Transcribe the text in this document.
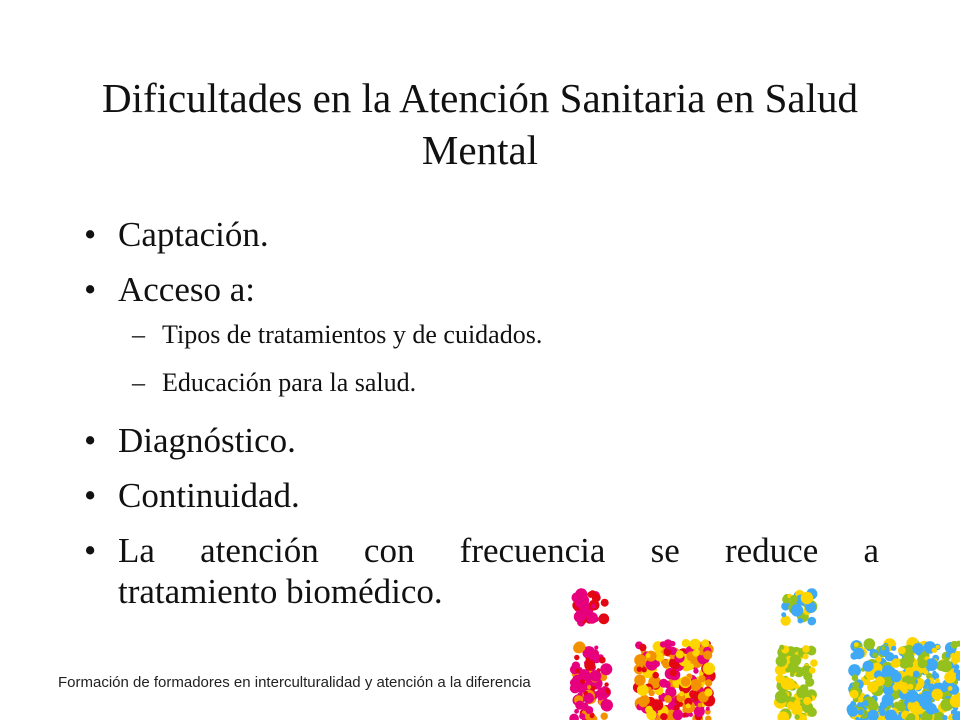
Dificultades en la Atención Sanitaria en Salud Mental
• Captación.
• Acceso a:
– Tipos de tratamientos y de cuidados.
– Educación para la salud.
• Diagnóstico.
• Continuidad.
• La atención con frecuencia se reduce a
tratamiento biomédico.
Formación de formadores en interculturalidad y atención a la diferencia
